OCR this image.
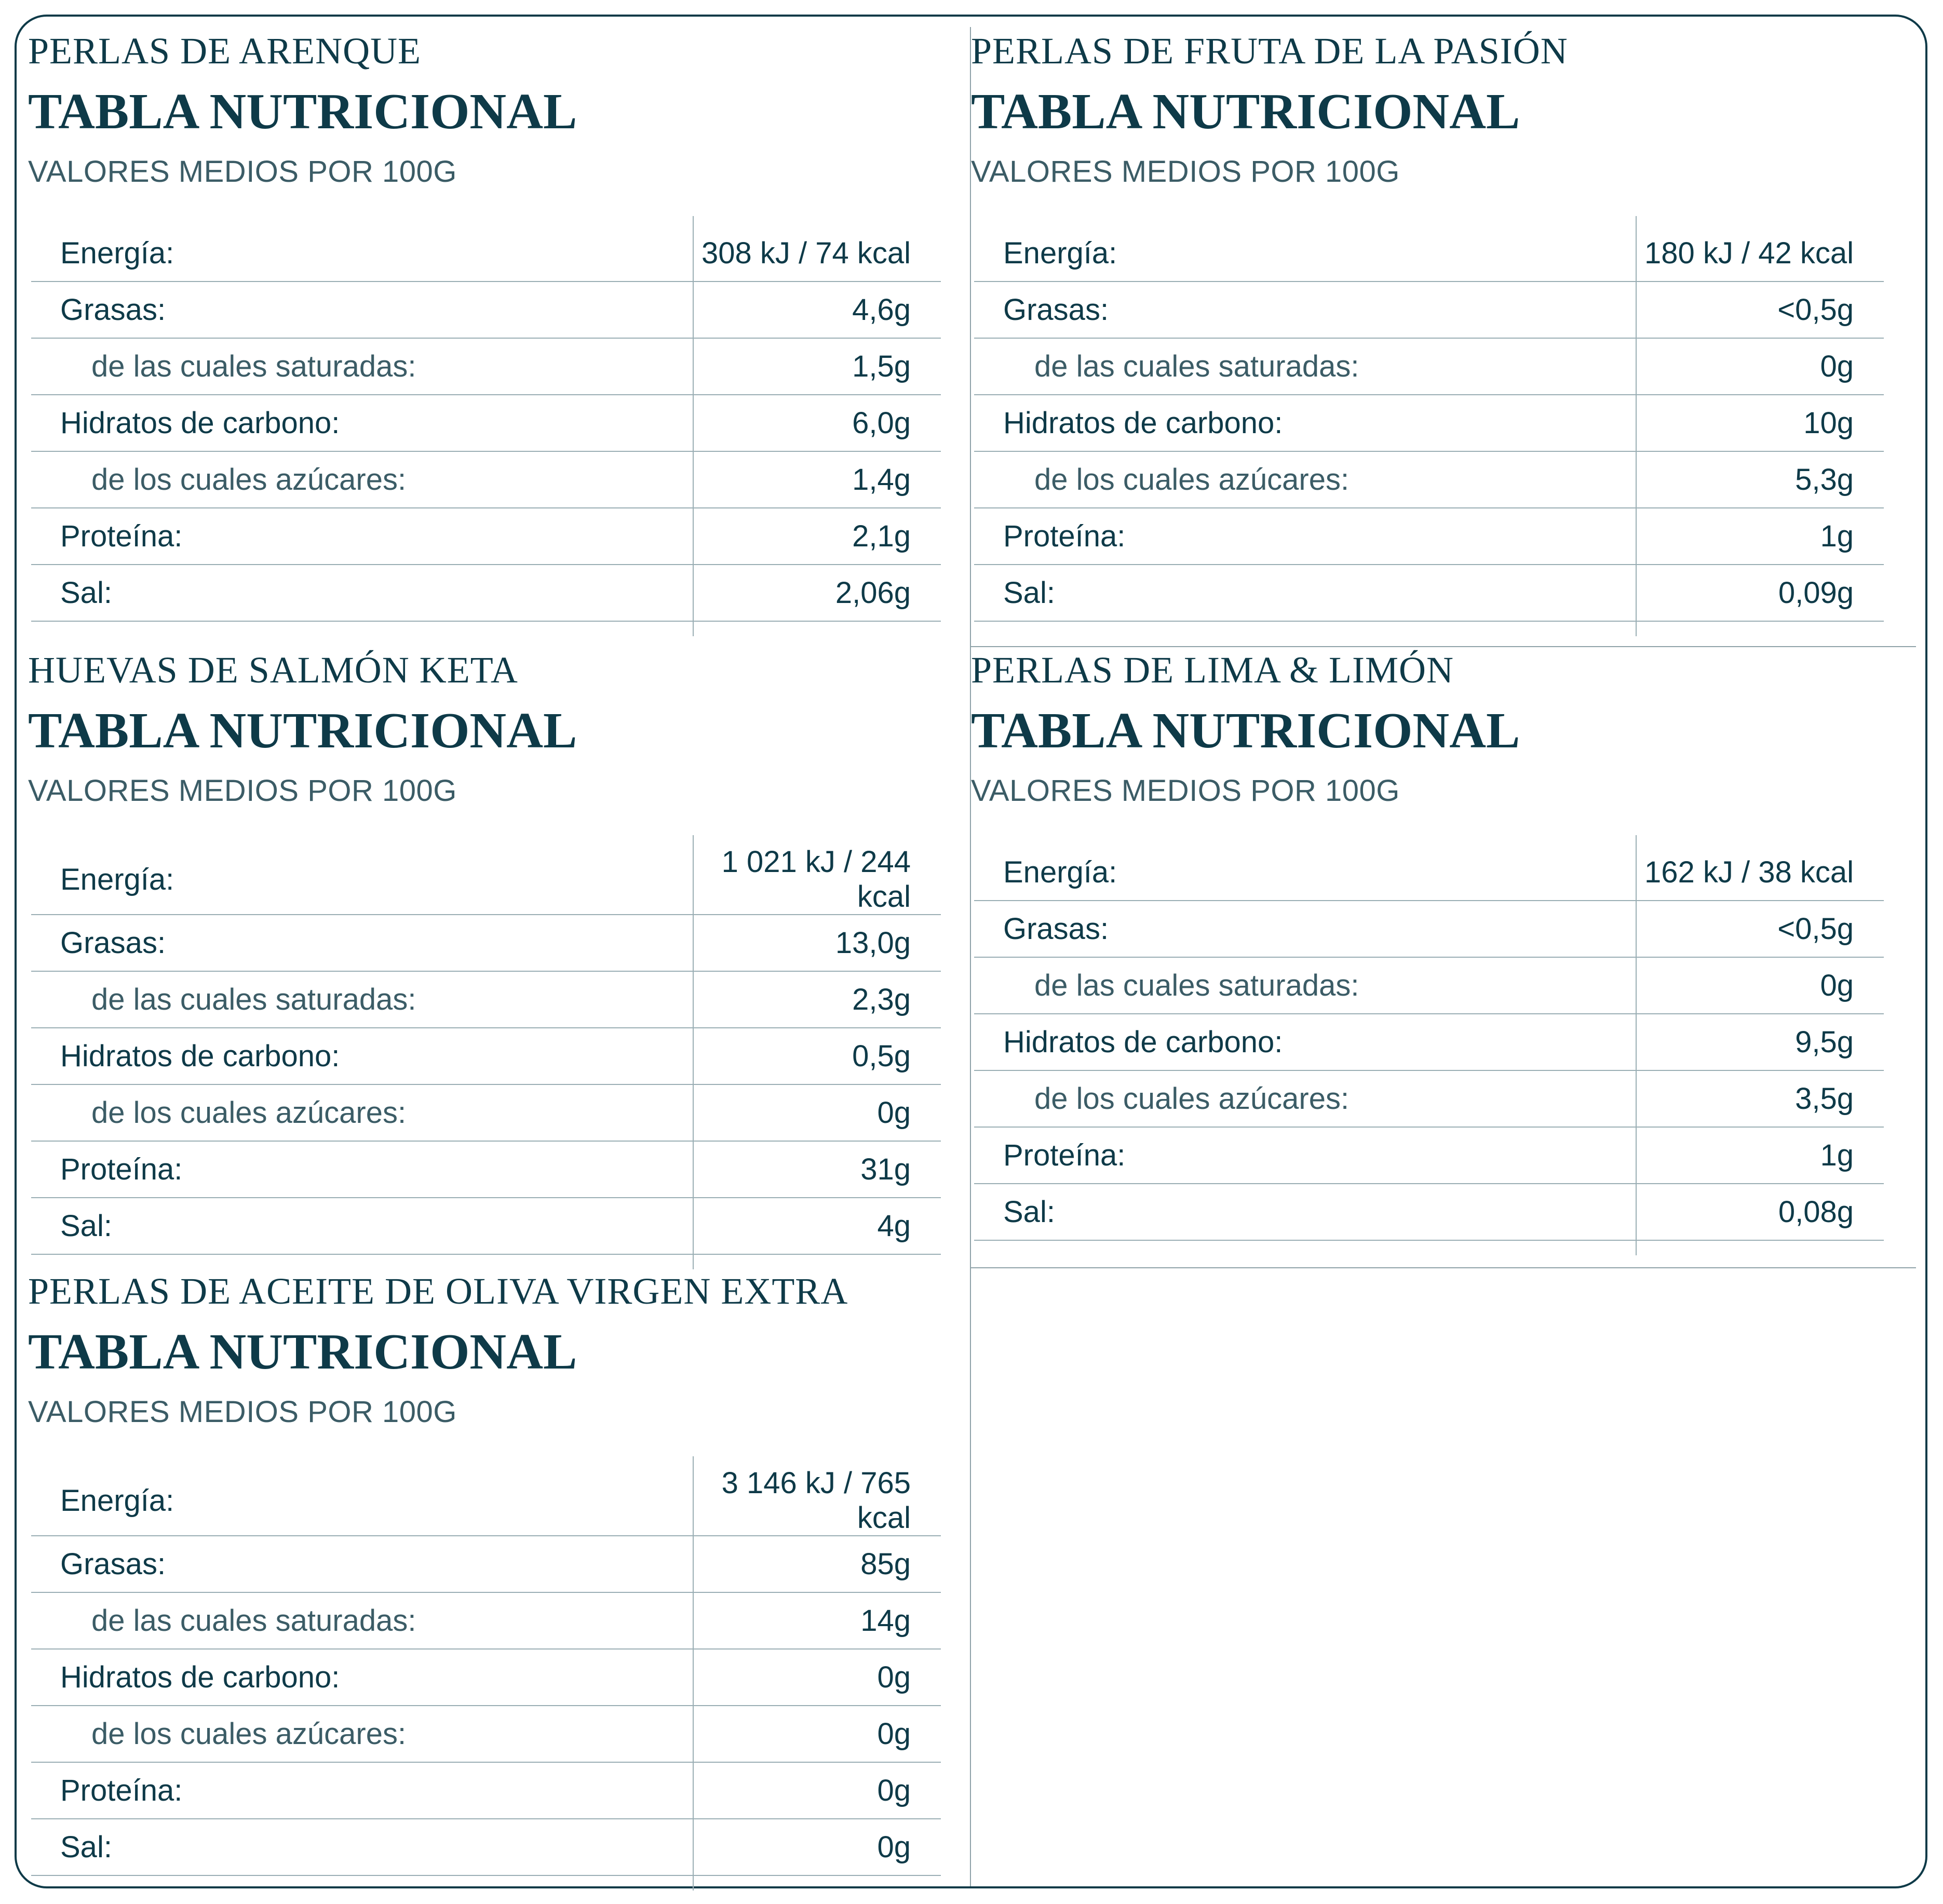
PERLAS DE ARENQUE
TABLA NUTRICIONAL
VALORES MEDIOS POR 100G
Energía:	308 kJ / 74 kcal
Grasas:	4,6g
de las cuales saturadas:	1,5g
Hidratos de carbono:	6,0g
de los cuales azúcares:	1,4g
Proteína:	2,1g
Sal:	2,06g

PERLAS DE FRUTA DE LA PASIÓN
TABLA NUTRICIONAL
VALORES MEDIOS POR 100G
Energía:	180 kJ / 42 kcal
Grasas:	<0,5g
de las cuales saturadas:	0g
Hidratos de carbono:	10g
de los cuales azúcares:	5,3g
Proteína:	1g
Sal:	0,09g

HUEVAS DE SALMÓN KETA
TABLA NUTRICIONAL
VALORES MEDIOS POR 100G
Energía:	1 021 kJ / 244 kcal
Grasas:	13,0g
de las cuales saturadas:	2,3g
Hidratos de carbono:	0,5g
de los cuales azúcares:	0g
Proteína:	31g
Sal:	4g

PERLAS DE LIMA & LIMÓN
TABLA NUTRICIONAL
VALORES MEDIOS POR 100G
Energía:	162 kJ / 38 kcal
Grasas:	<0,5g
de las cuales saturadas:	0g
Hidratos de carbono:	9,5g
de los cuales azúcares:	3,5g
Proteína:	1g
Sal:	0,08g

PERLAS DE ACEITE DE OLIVA VIRGEN EXTRA
TABLA NUTRICIONAL
VALORES MEDIOS POR 100G
Energía:	3 146 kJ / 765 kcal
Grasas:	85g
de las cuales saturadas:	14g
Hidratos de carbono:	0g
de los cuales azúcares:	0g
Proteína:	0g
Sal:	0g
